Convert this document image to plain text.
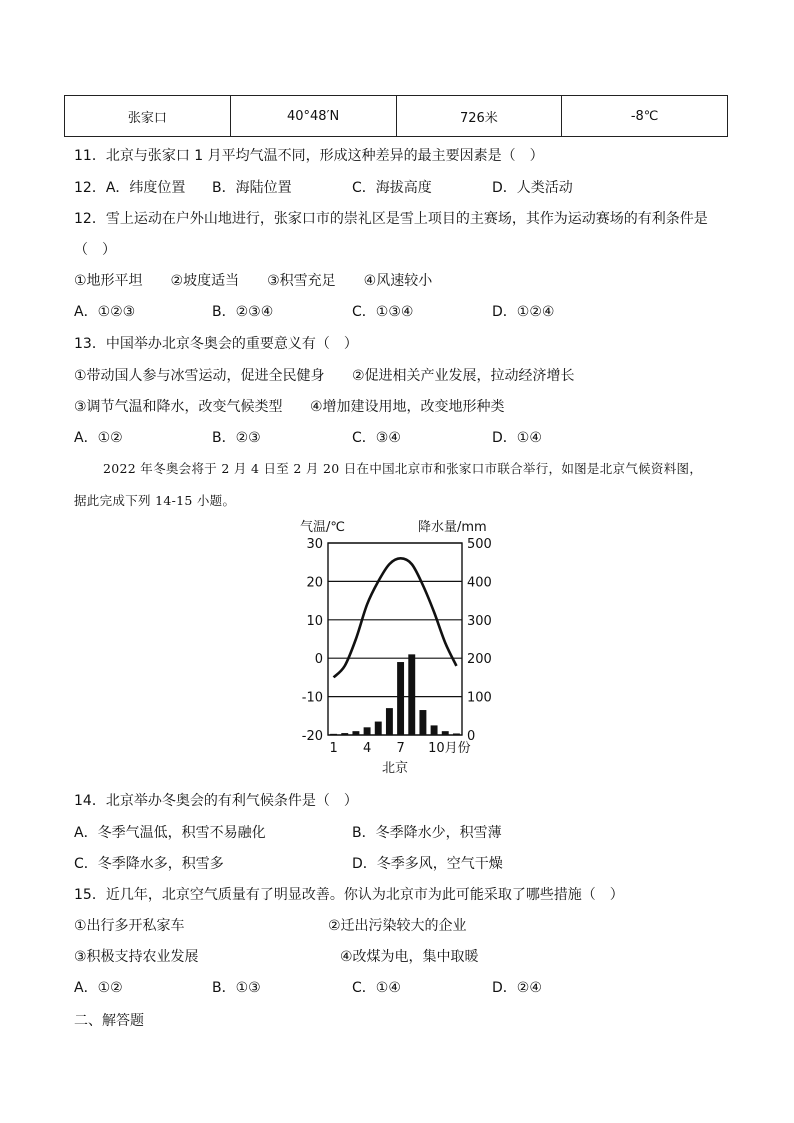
张家口	40°48′N	726米	-8℃
11．北京与张家口 1 月平均气温不同，形成这种差异的最主要因素是（　）
12．A．纬度位置 B．海陆位置	C．海拔高度	D．人类活动
12．雪上运动在户外山地进行，张家口市的崇礼区是雪上项目的主赛场，其作为运动赛场的有利条件是
（　）
①地形平坦　　②坡度适当　　③积雪充足　　④风速较小
A．①②③	B．②③④	C．①③④	D．①②④
13．中国举办北京冬奥会的重要意义有（　）
①带动国人参与冰雪运动，促进全民健身 ②促进相关产业发展，拉动经济增长
③调节气温和降水，改变气候类型 ④增加建设用地，改变地形种类
A．①②	B．②③	C．③④	D．①④
2022 年冬奥会将于 2 月 4 日至 2 月 20 日在中国北京市和张家口市联合举行，如图是北京气候资料图，
据此完成下列 14-15 小题。
气温/℃	降水量/mm
30	500
20	400
10	300
0	200
-10	100
-20	0
1 4 7 10月份
北京
14．北京举办冬奥会的有利气候条件是（　）
A．冬季气温低，积雪不易融化	B．冬季降水少，积雪薄
C．冬季降水多，积雪多	D．冬季多风，空气干燥
15．近几年，北京空气质量有了明显改善。你认为北京市为此可能采取了哪些措施（　）
①出行多开私家车	②迁出污染较大的企业
③积极支持农业发展	④改煤为电，集中取暖
A．①②	B．①③	C．①④	D．②④
二、解答题
